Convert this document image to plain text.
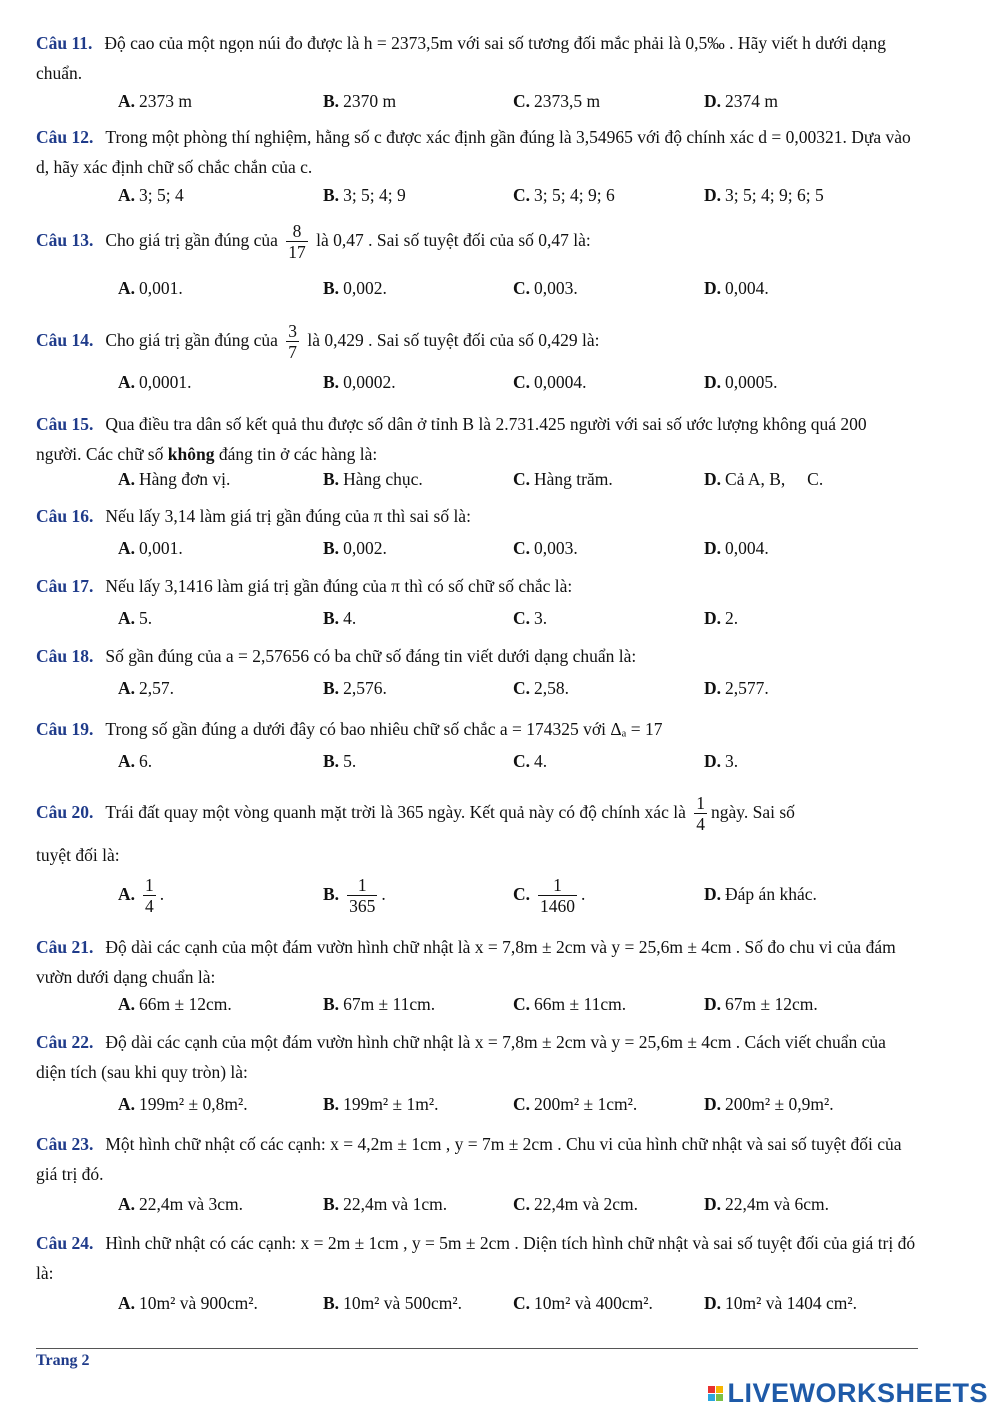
Câu 11. Độ cao của một ngọn núi đo được là h = 2373,5m với sai số tương đối mắc phải là 0,5‰ . Hãy viết h dưới dạng chuẩn.
A. 2373 m	B. 2370 m	C. 2373,5 m	D. 2374 m
Câu 12. Trong một phòng thí nghiệm, hằng số c được xác định gần đúng là 3,54965 với độ chính xác d = 0,00321. Dựa vào d, hãy xác định chữ số chắc chắn của c.
A. 3; 5; 4	B. 3; 5; 4; 9	C. 3; 5; 4; 9; 6	D. 3; 5; 4; 9; 6; 5
Câu 13. Cho giá trị gần đúng của $\frac{8}{17}$ là 0,47 . Sai số tuyệt đối của số 0,47 là:
A. 0,001.	B. 0,002.	C. 0,003.	D. 0,004.
Câu 14. Cho giá trị gần đúng của $\frac{3}{7}$ là 0,429 . Sai số tuyệt đối của số 0,429 là:
A. 0,0001.	B. 0,0002.	C. 0,0004.	D. 0,0005.
Câu 15. Qua điều tra dân số kết quả thu được số dân ở tỉnh B là 2.731.425 người với sai số ước lượng không quá 200 người. Các chữ số không đáng tin ở các hàng là:
A. Hàng đơn vị.	B. Hàng chục.	C. Hàng trăm.	D. Cả A, B,     C.
Câu 16. Nếu lấy 3,14 làm giá trị gần đúng của π thì sai số là:
A. 0,001.	B. 0,002.	C. 0,003.	D. 0,004.
Câu 17. Nếu lấy 3,1416 làm giá trị gần đúng của π thì có số chữ số chắc là:
A. 5.	B. 4.	C. 3.	D. 2.
Câu 18. Số gần đúng của a = 2,57656 có ba chữ số đáng tin viết dưới dạng chuẩn là:
A. 2,57.	B. 2,576.	C. 2,58.	D. 2,577.
Câu 19. Trong số gần đúng a dưới đây có bao nhiêu chữ số chắc a = 174325 với Δₐ = 17
A. 6.	B. 5.	C. 4.	D. 3.
Câu 20. Trái đất quay một vòng quanh mặt trời là 365 ngày. Kết quả này có độ chính xác là $\frac{1}{4}$ ngày. Sai số
tuyệt đối là:
A. $\frac{1}{4}$ .	B. $\frac{1}{365}$ .	C. $\frac{1}{1460}$ .	D. Đáp án khác.
Câu 21. Độ dài các cạnh của một đám vườn hình chữ nhật là x = 7,8m ± 2cm và y = 25,6m ± 4cm . Số đo chu vi của đám vườn dưới dạng chuẩn là:
A. 66m ± 12cm.	B. 67m ± 11cm.	C. 66m ± 11cm.	D. 67m ± 12cm.
Câu 22. Độ dài các cạnh của một đám vườn hình chữ nhật là x = 7,8m ± 2cm và y = 25,6m ± 4cm . Cách viết chuẩn của diện tích (sau khi quy tròn) là:
A. 199m² ± 0,8m².	B. 199m² ± 1m².	C. 200m² ± 1cm².	D. 200m² ± 0,9m².
Câu 23. Một hình chữ nhật cố các cạnh: x = 4,2m ± 1cm , y = 7m ± 2cm . Chu vi của hình chữ nhật và sai số tuyệt đối của giá trị đó.
A. 22,4m và 3cm.	B. 22,4m và 1cm.	C. 22,4m và 2cm.	D. 22,4m và 6cm.
Câu 24. Hình chữ nhật có các cạnh: x = 2m ± 1cm , y = 5m ± 2cm . Diện tích hình chữ nhật và sai số tuyệt đối của giá trị đó là:
A. 10m² và 900cm².	B. 10m² và 500cm².	C. 10m² và 400cm².	D. 10m² và 1404 cm².
Trang 2
LIVEWORKSHEETS
